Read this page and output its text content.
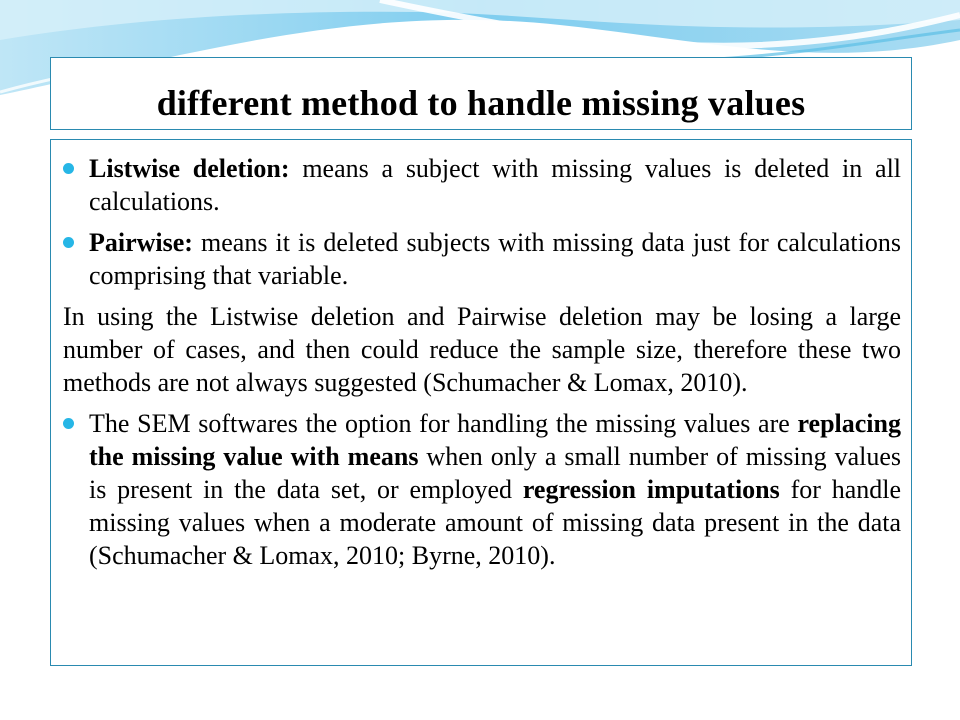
different method to handle missing values

Listwise deletion: means a subject with missing values is deleted in all calculations.

Pairwise: means it is deleted subjects with missing data just for calculations comprising that variable.

In using the Listwise deletion and Pairwise deletion may be losing a large number of cases, and then could reduce the sample size, therefore these two methods are not always suggested (Schumacher & Lomax, 2010).

The SEM softwares the option for handling the missing values are replacing the missing value with means when only a small number of missing values is present in the data set, or employed regression imputations for handle missing values when a moderate amount of missing data present in the data (Schumacher & Lomax, 2010; Byrne, 2010).
